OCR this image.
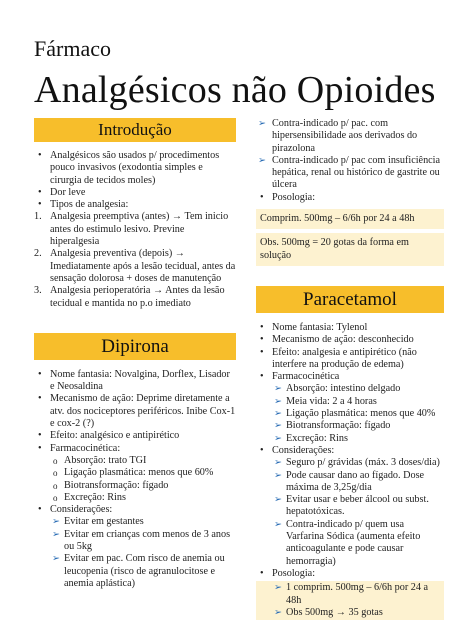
Fármaco
Analgésicos não Opioides
Introdução
• Analgésicos são usados p/ procedimentos pouco invasivos (exodontia simples e cirurgia de tecidos moles)
• Dor leve
• Tipos de analgesia:
1. Analgesia preemptiva (antes) → Tem inicio antes do estimulo lesivo. Previne hiperalgesia
2. Analgesia preventiva (depois) → Imediatamente após a lesão tecidual, antes da sensação dolorosa + doses de manutenção
3. Analgesia perioperatória → Antes da lesão tecidual e mantida no p.o imediato
Dipirona
• Nome fantasia: Novalgina, Dorflex, Lisador e Neosaldina
• Mecanismo de ação: Deprime diretamente a atv. dos nociceptores periféricos. Inibe Cox-1 e cox-2 (?)
• Efeito: analgésico e antipirético
• Farmacocinética:
o Absorção: trato TGI
o Ligação plasmática: menos que 60%
o Biotransformação: fígado
o Excreção: Rins
• Considerações:
➢ Evitar em gestantes
➢ Evitar em crianças com menos de 3 anos ou 5kg
➢ Evitar em pac. Com risco de anemia ou leucopenia (risco de agranulocitose e anemia aplástica)
➢ Contra-indicado p/ pac. com hipersensibilidade aos derivados do pirazolona
➢ Contra-indicado p/ pac com insuficiência hepática, renal ou histórico de gastrite ou úlcera
• Posologia:
Comprim. 500mg – 6/6h por 24 a 48h
Obs. 500mg = 20 gotas da forma em solução
Paracetamol
• Nome fantasia: Tylenol
• Mecanismo de ação: desconhecido
• Efeito: analgesia e antipirético (não interfere na produção de edema)
• Farmacocinética
➢ Absorção: intestino delgado
➢ Meia vida: 2 a 4 horas
➢ Ligação plasmática: menos que 40%
➢ Biotransformação: fígado
➢ Excreção: Rins
• Considerações:
➢ Seguro p/ grávidas (máx. 3 doses/dia)
➢ Pode causar dano ao fígado. Dose máxima de 3,25g/dia
➢ Evitar usar e beber álcool ou subst. hepatotóxicas.
➢ Contra-indicado p/ quem usa Varfarina Sódica (aumenta efeito anticoagulante e pode causar hemorragia)
• Posologia:
➢ 1 comprim. 500mg – 6/6h por 24 a 48h
➢ Obs 500mg → 35 gotas
